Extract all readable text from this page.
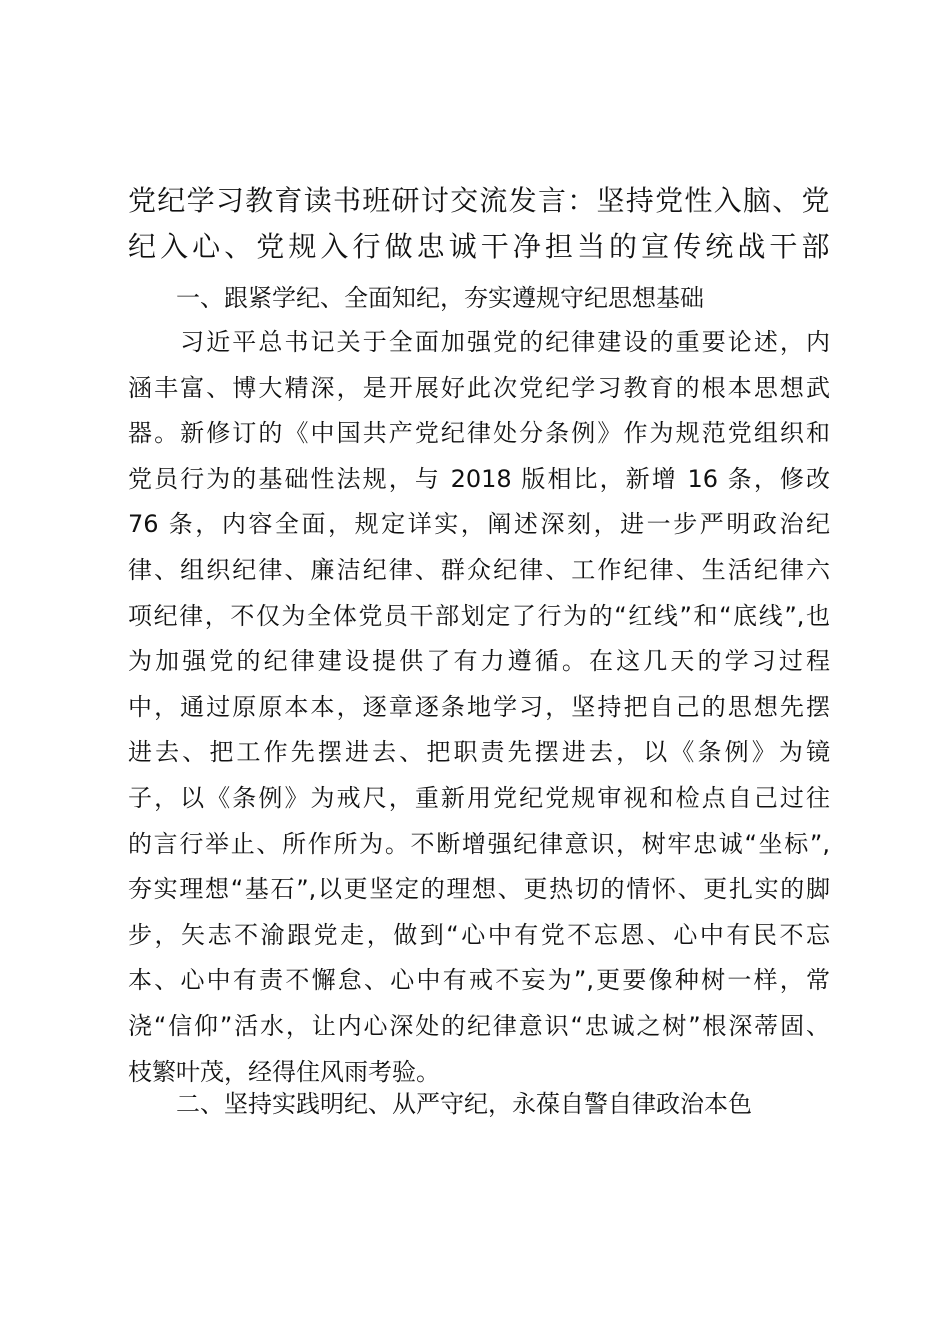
党纪学习教育读书班研讨交流发言：坚持党性入脑、党
纪入心、党规入行做忠诚干净担当的宣传统战干部

一、跟紧学纪、全面知纪，夯实遵规守纪思想基础

　　习近平总书记关于全面加强党的纪律建设的重要论述，内
涵丰富、博大精深，是开展好此次党纪学习教育的根本思想武
器。新修订的《中国共产党纪律处分条例》作为规范党组织和
党员行为的基础性法规，与 2018 版相比，新增 16 条，修改
76 条，内容全面，规定详实，阐述深刻，进一步严明政治纪
律、组织纪律、廉洁纪律、群众纪律、工作纪律、生活纪律六
项纪律，不仅为全体党员干部划定了行为的“红线”和“底线”,也
为加强党的纪律建设提供了有力遵循。在这几天的学习过程
中，通过原原本本，逐章逐条地学习，坚持把自己的思想先摆
进去、把工作先摆进去、把职责先摆进去，以《条例》为镜
子，以《条例》为戒尺，重新用党纪党规审视和检点自己过往
的言行举止、所作所为。不断增强纪律意识，树牢忠诚“坐标”,
夯实理想“基石”,以更坚定的理想、更热切的情怀、更扎实的脚
步，矢志不渝跟党走，做到“心中有党不忘恩、心中有民不忘
本、心中有责不懈怠、心中有戒不妄为”,更要像种树一样，常
浇“信仰”活水，让内心深处的纪律意识“忠诚之树”根深蒂固、
枝繁叶茂，经得住风雨考验。

二、坚持实践明纪、从严守纪，永葆自警自律政治本色
